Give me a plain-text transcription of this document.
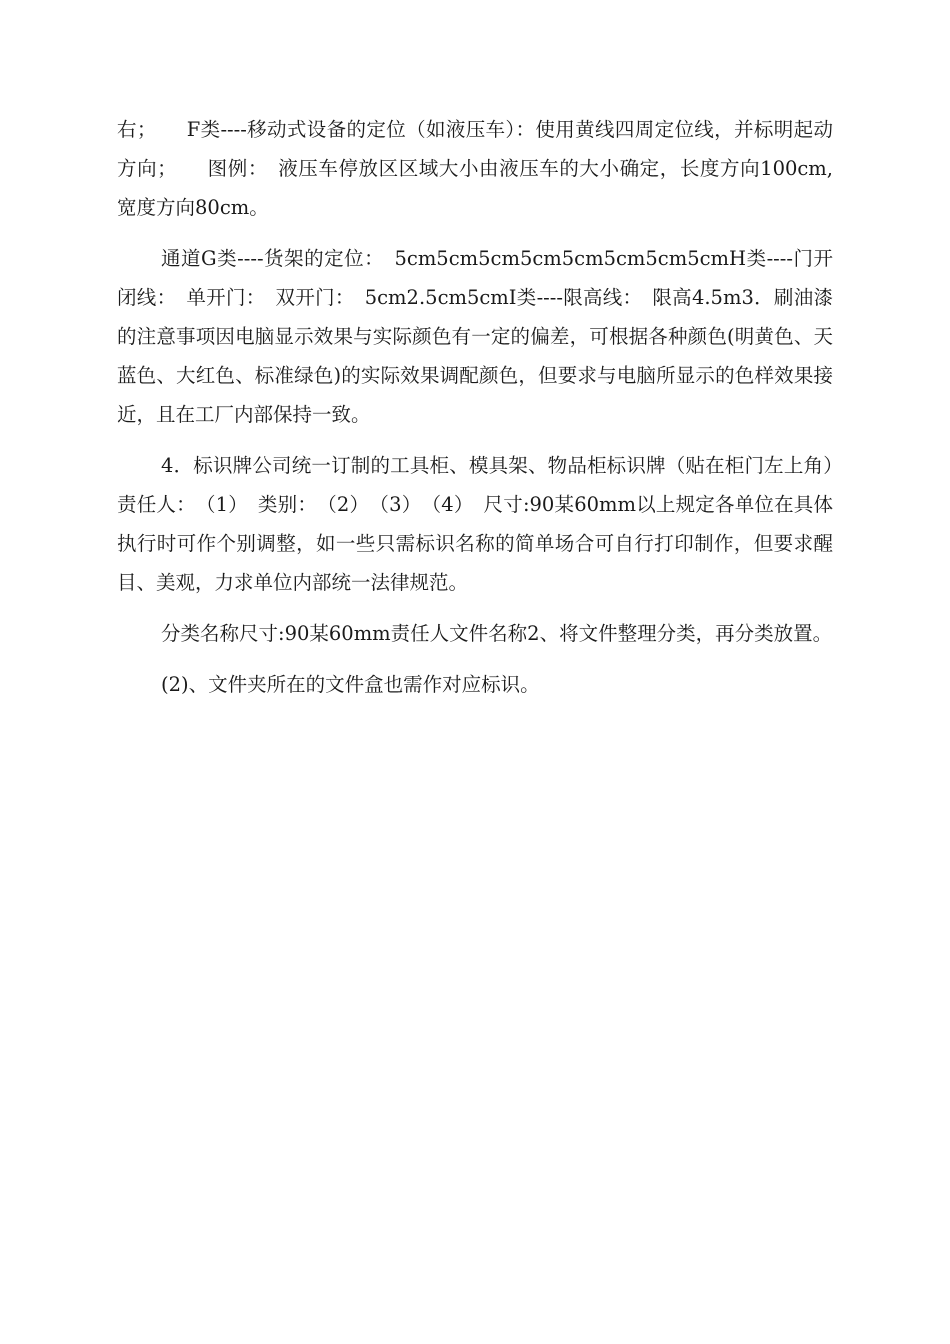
右；　　F类----移动式设备的定位（如液压车）：使用黄线四周定位线，并标明起动方向；　　图例：　液压车停放区区域大小由液压车的大小确定，长度方向100cm,宽度方向80cm。

通道G类----货架的定位：　5cm5cm5cm5cm5cm5cm5cm5cmH类----门开闭线：　单开门：　双开门：　5cm2.5cm5cmI类----限高线：　限高4.5m3．刷油漆的注意事项因电脑显示效果与实际颜色有一定的偏差，可根据各种颜色(明黄色、天蓝色、大红色、标准绿色)的实际效果调配颜色，但要求与电脑所显示的色样效果接近，且在工厂内部保持一致。

4．标识牌公司统一订制的工具柜、模具架、物品柜标识牌（贴在柜门左上角）　责任人：　（1）　类别：　（2）　（3）　（4）　尺寸:90某60mm以上规定各单位在具体执行时可作个别调整，如一些只需标识名称的简单场合可自行打印制作，但要求醒目、美观，力求单位内部统一法律规范。

分类名称尺寸:90某60mm责任人文件名称2、将文件整理分类，再分类放置。

(2)、文件夹所在的文件盒也需作对应标识。
